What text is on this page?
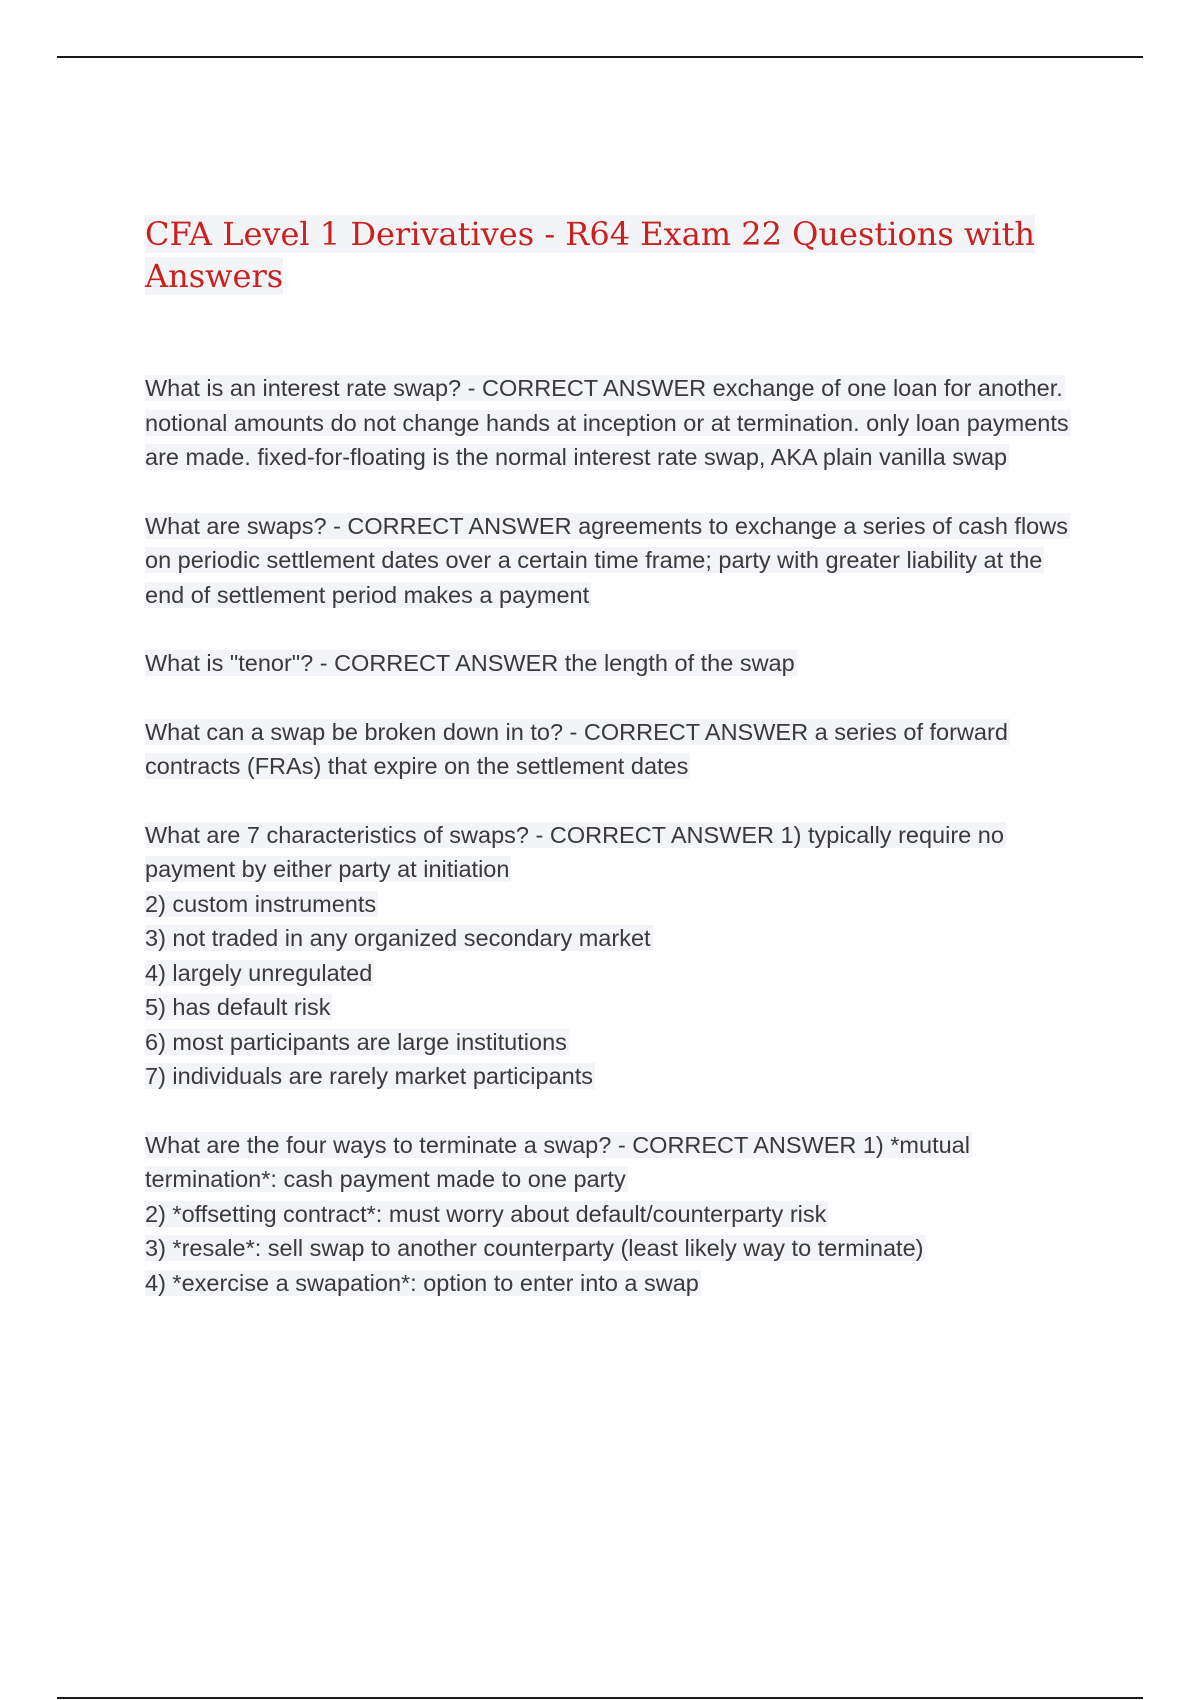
CFA Level 1 Derivatives - R64 Exam 22 Questions with Answers
What is an interest rate swap? - CORRECT ANSWER exchange of one loan for another. notional amounts do not change hands at inception or at termination. only loan payments are made. fixed-for-floating is the normal interest rate swap, AKA plain vanilla swap
What are swaps? - CORRECT ANSWER agreements to exchange a series of cash flows on periodic settlement dates over a certain time frame; party with greater liability at the end of settlement period makes a payment
What is "tenor"? - CORRECT ANSWER the length of the swap
What can a swap be broken down in to? - CORRECT ANSWER a series of forward contracts (FRAs) that expire on the settlement dates
What are 7 characteristics of swaps? - CORRECT ANSWER 1) typically require no payment by either party at initiation
2) custom instruments
3) not traded in any organized secondary market
4) largely unregulated
5) has default risk
6) most participants are large institutions
7) individuals are rarely market participants
What are the four ways to terminate a swap? - CORRECT ANSWER 1) *mutual termination*: cash payment made to one party
2) *offsetting contract*: must worry about default/counterparty risk
3) *resale*: sell swap to another counterparty (least likely way to terminate)
4) *exercise a swapation*: option to enter into a swap
